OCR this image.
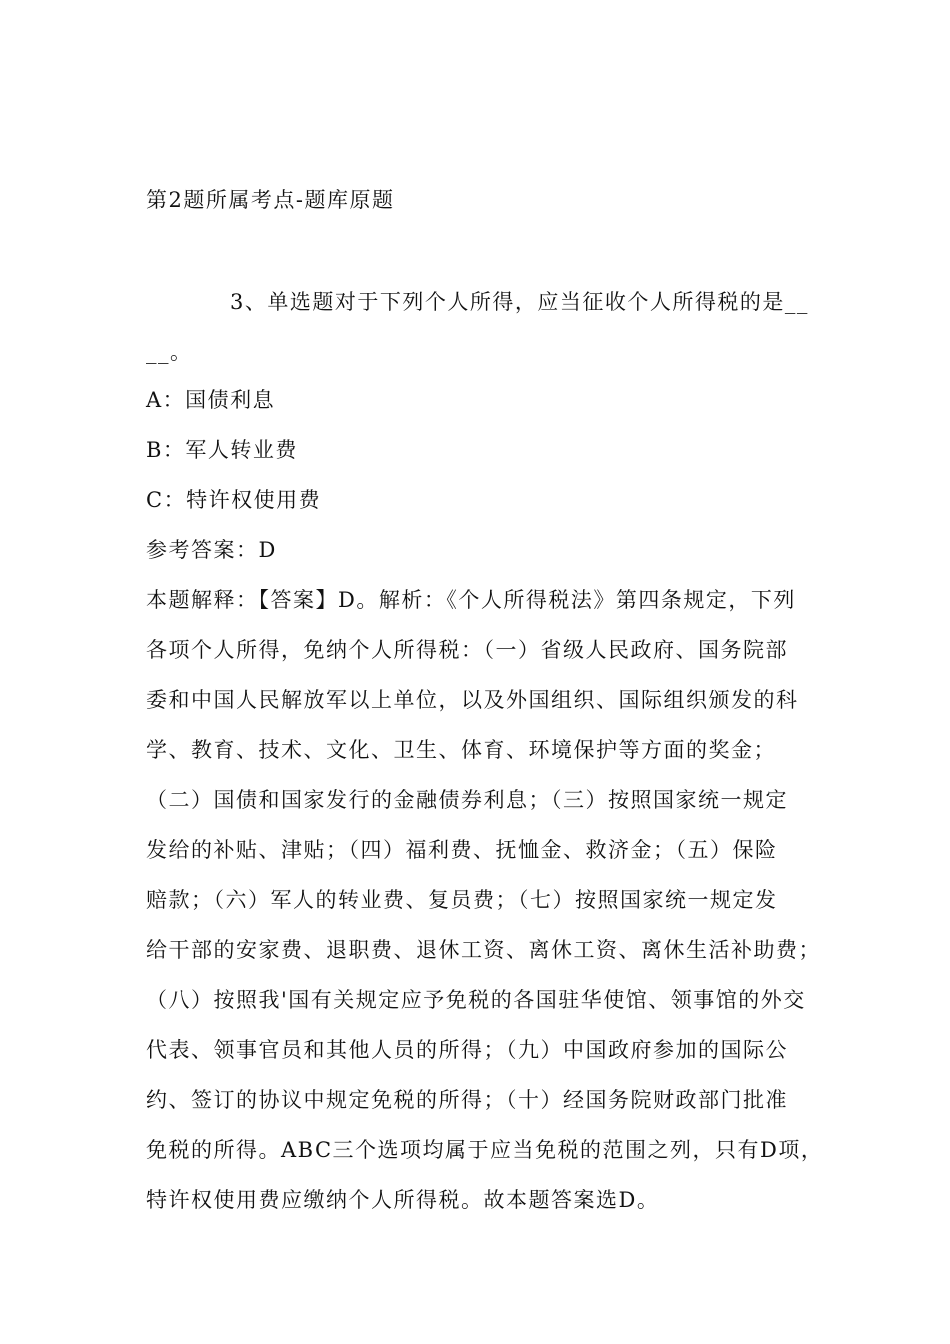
第2题所属考点-题库原题
3、单选题对于下列个人所得，应当征收个人所得税的是__
__。
A：国债利息
B：军人转业费
C：特许权使用费
参考答案：D
本题解释：【答案】D。解析：《个人所得税法》第四条规定，下列
各项个人所得，免纳个人所得税：（一）省级人民政府、国务院部
委和中国人民解放军以上单位，以及外国组织、国际组织颁发的科
学、教育、技术、文化、卫生、体育、环境保护等方面的奖金；
（二）国债和国家发行的金融债券利息；（三）按照国家统一规定
发给的补贴、津贴；（四）福利费、抚恤金、救济金；（五）保险
赔款；（六）军人的转业费、复员费；（七）按照国家统一规定发
给干部的安家费、退职费、退休工资、离休工资、离休生活补助费；
（八）按照我'国有关规定应予免税的各国驻华使馆、领事馆的外交
代表、领事官员和其他人员的所得；（九）中国政府参加的国际公
约、签订的协议中规定免税的所得；（十）经国务院财政部门批准
免税的所得。ABC三个选项均属于应当免税的范围之列，只有D项，
特许权使用费应缴纳个人所得税。故本题答案选D。
